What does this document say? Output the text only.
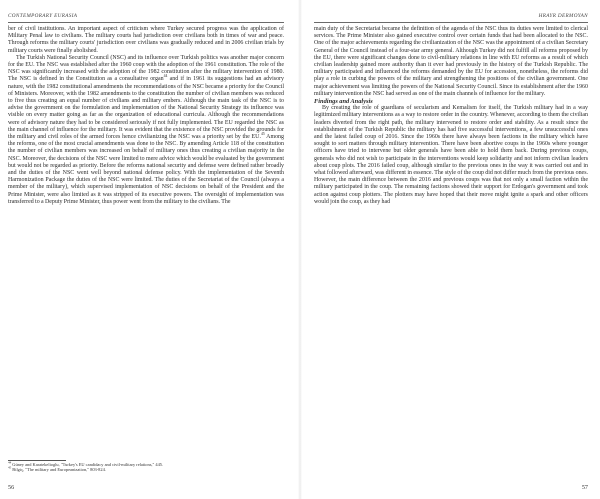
CONTEMPORARY EURASIA

ber of civil institutions. An important aspect of criticism where Turkey secured progress was the application of Military Penal law to civilians. The military courts had jurisdiction over civilians both in times of war and peace. Through reforms the military courts' jurisdiction over civilians was gradually reduced and in 2006 civilian trials by military courts were finally abolished.

The Turkish National Security Council (NSC) and its influence over Turkish politics was another major concern for the EU. The NSC was established after the 1960 coup with the adoption of the 1961 constitution. The role of the NSC was significantly increased with the adoption of the 1982 constitution after the military intervention of 1980. The NSC is defined in the Constitution as a consultative organ$^{44}$ and if in 1961 its suggestions had an advisory nature, with the 1982 constitutional amendments the recommendations of the NSC became a priority for the Council of Ministers. Moreover, with the 1982 amendments to the constitution the number of civilian members was reduced to five thus creating an equal number of civilians and military embers. Although the main task of the NSC is to advise the government on the formulation and implementation of the National Security Strategy its influence was visible on every matter going as far as the organization of educational curricula. Although the recommendations were of advisory nature they had to be considered seriously if not fully implemented. The EU regarded the NSC as the main channel of influence for the military. It was evident that the existence of the NSC provided the grounds for the military and civil roles of the armed forces hence civilianizing the NSC was a priority set by the EU.$^{45}$ Among the reforms, one of the most crucial amendments was done to the NSC. By amending Article 118 of the constitution the number of civilian members was increased on behalf of military ones thus creating a civilian majority in the NSC. Moreover, the decisions of the NSC were limited to mere advice which would be evaluated by the government but would not be regarded as priority. Before the reforms national security and defense were defined rather broadly and the duties of the NSC went well beyond national defense policy. With the implementation of the Seventh Harmonization Package the duties of the NSC were limited. The duties of the Secretariat of the Council (always a member of the military), which supervised implementation of NSC decisions on behalf of the President and the Prime Minister, were also limited as it was stripped of its executive powers. The oversight of implementation was transferred to a Deputy Prime Minister, thus power went from the military to the civilians. The

$^{44}$ Güney and Karatekelioglu, "Turkey's EU candidacy and civil-military relations," 445.
$^{45}$ Bilgiç, "The military and Europeanization," 803-824.
56
HRAYR DERMOYAN

main duty of the Secretariat became the definition of the agenda of the NSC thus its duties were limited to clerical services. The Prime Minister also gained executive control over certain funds that had been allocated to the NSC. One of the major achievements regarding the civilianization of the NSC was the appointment of a civilian Secretary General of the Council instead of a four-star army general. Although Turkey did not fulfill all reforms proposed by the EU, there were significant changes done to civil-military relations in line with EU reforms as a result of which civilian leadership gained more authority than it ever had previously in the history of the Turkish Republic. The military participated and influenced the reforms demanded by the EU for accession, nonetheless, the reforms did play a role in curbing the powers of the military and strengthening the positions of the civilian government. One major achievement was limiting the powers of the National Security Council. Since its establishment after the 1960 military intervention the NSC had served as one of the main channels of influence for the military.

Findings and Analysis

By creating the role of guardians of secularism and Kemalism for itself, the Turkish military had in a way legitimized military interventions as a way to restore order in the country. Whenever, according to them the civilian leaders diverted from the right path, the military intervened to restore order and stability. As a result since the establishment of the Turkish Republic the military has had five successful interventions, a few unsuccessful ones and the latest failed coup of 2016. Since the 1960s there have always been factions in the military which have sought to sort matters through military intervention. There have been abortive coups in the 1960s where younger officers have tried to intervene but older generals have been able to hold them back. During previous coups, generals who did not wish to participate in the interventions would keep solidarity and not inform civilian leaders about coup plots. The 2016 failed coup, although similar to the previous ones in the way it was carried out and in what followed afterward, was different in essence. The style of the coup did not differ much from the previous ones. However, the main difference between the 2016 and previous coups was that not only a small faction within the military participated in the coup. The remaining factions showed their support for Erdogan's government and took action against coup plotters. The plotters may have hoped that their move might ignite a spark and other officers would join the coup, as they had

57
